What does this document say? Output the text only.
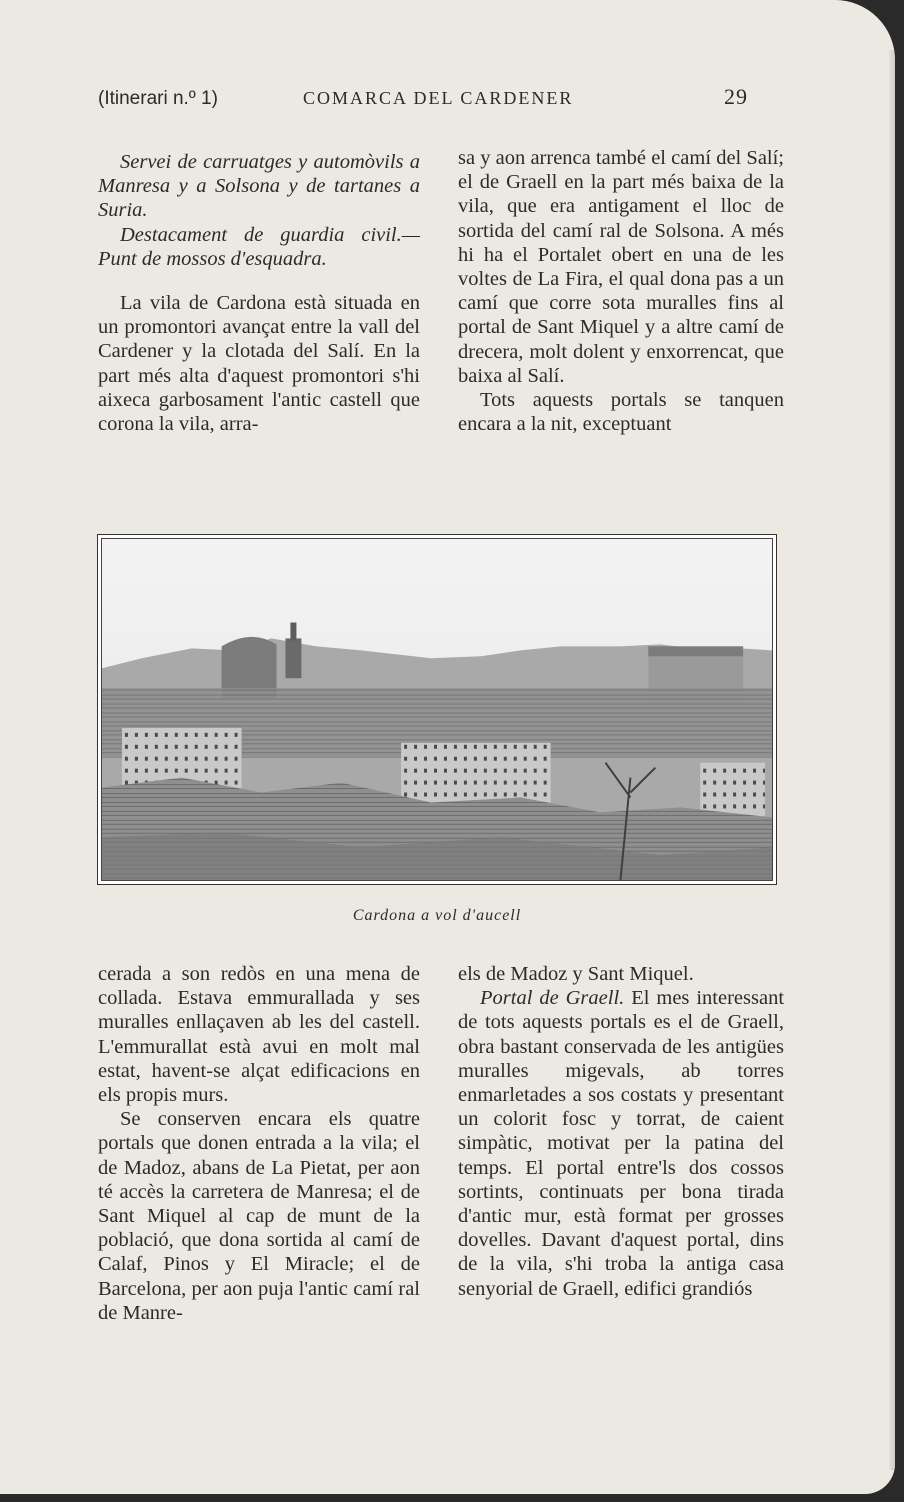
(Itinerari n.º 1)	COMARCA DEL CARDENER	29

Servei de carruatges y automòvils a Manresa y a Solsona y de tartanes a Suria.

Destacament de guardia civil.—Punt de mossos d'esquadra.

La vila de Cardona està situada en un promontori avançat entre la vall del Cardener y la clotada del Salí. En la part més alta d'aquest promontori s'hi aixeca garbosament l'antic castell que corona la vila, arra-

sa y aon arrenca també el camí del Salí; el de Graell en la part més baixa de la vila, que era antigament el lloc de sortida del camí ral de Solsona. A més hi ha el Portalet obert en una de les voltes de La Fira, el qual dona pas a un camí que corre sota muralles fins al portal de Sant Miquel y a altre camí de drecera, molt dolent y enxorrencat, que baixa al Salí.

Tots aquests portals se tanquen encara a la nit, exceptuant

Cardona a vol d'aucell

cerada a son redòs en una mena de collada. Estava emmurallada y ses muralles enllaçaven ab les del castell. L'emmurallat està avui en molt mal estat, havent-se alçat edificacions en els propis murs.

Se conserven encara els quatre portals que donen entrada a la vila; el de Madoz, abans de La Pietat, per aon té accès la carretera de Manresa; el de Sant Miquel al cap de munt de la població, que dona sortida al camí de Calaf, Pinos y El Miracle; el de Barcelona, per aon puja l'antic camí ral de Manre-

els de Madoz y Sant Miquel.

Portal de Graell. El mes interessant de tots aquests portals es el de Graell, obra bastant conservada de les antigües muralles migevals, ab torres enmarletades a sos costats y presentant un colorit fosc y torrat, de caient simpàtic, motivat per la patina del temps. El portal entre'ls dos cossos sortints, continuats per bona tirada d'antic mur, està format per grosses dovelles. Davant d'aquest portal, dins de la vila, s'hi troba la antiga casa senyorial de Graell, edifici grandiós
